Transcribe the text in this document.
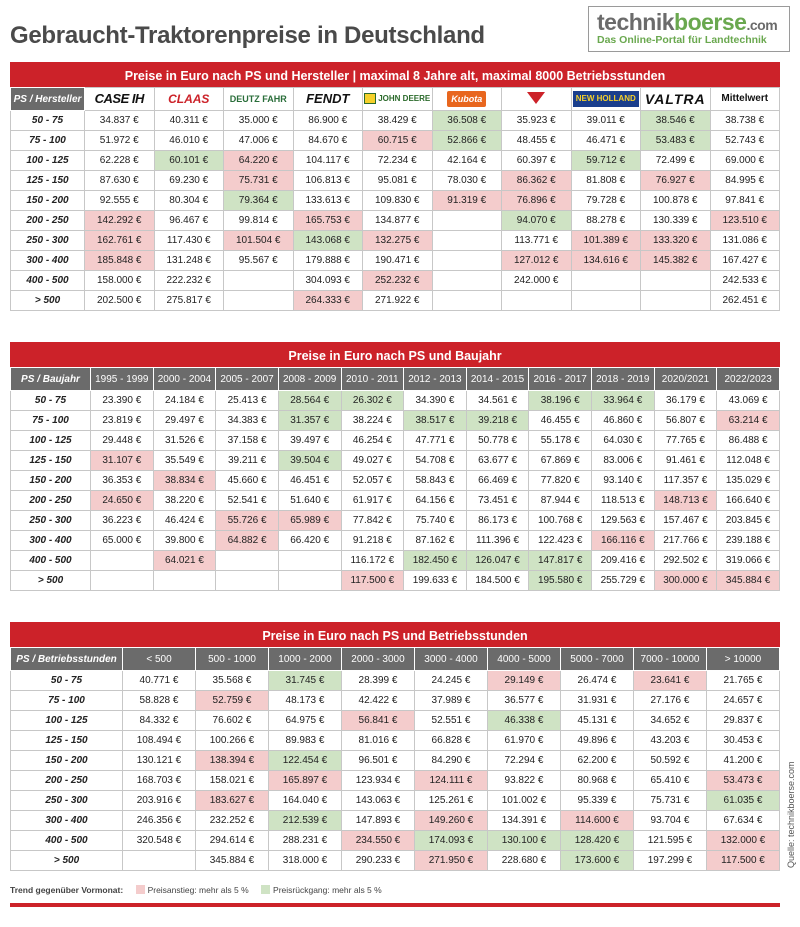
Gebraucht-Traktorenpreise in Deutschland	technikboerse.com
Das Online-Portal für Landtechnik
Preise in Euro nach PS und Hersteller | maximal 8 Jahre alt, maximal 8000 Betriebsstunden
PS / Hersteller	CASE IH	CLAAS	DEUTZ FAHR	FENDT	JOHN DEERE	Kubota		NEW HOLLAND	VALTRA	Mittelwert
50 - 75	34.837 €	40.311 €	35.000 €	86.900 €	38.429 €	36.508 €	35.923 €	39.011 €	38.546 €	38.738 €
75 - 100	51.972 €	46.010 €	47.006 €	84.670 €	60.715 €	52.866 €	48.455 €	46.471 €	53.483 €	52.743 €
100 - 125	62.228 €	60.101 €	64.220 €	104.117 €	72.234 €	42.164 €	60.397 €	59.712 €	72.499 €	69.000 €
125 - 150	87.630 €	69.230 €	75.731 €	106.813 €	95.081 €	78.030 €	86.362 €	81.808 €	76.927 €	84.995 €
150 - 200	92.555 €	80.304 €	79.364 €	133.613 €	109.830 €	91.319 €	76.896 €	79.728 €	100.878 €	97.841 €
200 - 250	142.292 €	96.467 €	99.814 €	165.753 €	134.877 €		94.070 €	88.278 €	130.339 €	123.510 €
250 - 300	162.761 €	117.430 €	101.504 €	143.068 €	132.275 €		113.771 €	101.389 €	133.320 €	131.086 €
300 - 400	185.848 €	131.248 €	95.567 €	179.888 €	190.471 €		127.012 €	134.616 €	145.382 €	167.427 €
400 - 500	158.000 €	222.232 €		304.093 €	252.232 €		242.000 €			242.533 €
> 500	202.500 €	275.817 €		264.333 €	271.922 €					262.451 €
Preise in Euro nach PS und Baujahr
PS / Baujahr	1995 - 1999	2000 - 2004	2005 - 2007	2008 - 2009	2010 - 2011	2012 - 2013	2014 - 2015	2016 - 2017	2018 - 2019	2020/2021	2022/2023
50 - 75	23.390 €	24.184 €	25.413 €	28.564 €	26.302 €	34.390 €	34.561 €	38.196 €	33.964 €	36.179 €	43.069 €
75 - 100	23.819 €	29.497 €	34.383 €	31.357 €	38.224 €	38.517 €	39.218 €	46.455 €	46.860 €	56.807 €	63.214 €
100 - 125	29.448 €	31.526 €	37.158 €	39.497 €	46.254 €	47.771 €	50.778 €	55.178 €	64.030 €	77.765 €	86.488 €
125 - 150	31.107 €	35.549 €	39.211 €	39.504 €	49.027 €	54.708 €	63.677 €	67.869 €	83.006 €	91.461 €	112.048 €
150 - 200	36.353 €	38.834 €	45.660 €	46.451 €	52.057 €	58.843 €	66.469 €	77.820 €	93.140 €	117.357 €	135.029 €
200 - 250	24.650 €	38.220 €	52.541 €	51.640 €	61.917 €	64.156 €	73.451 €	87.944 €	118.513 €	148.713 €	166.640 €
250 - 300	36.223 €	46.424 €	55.726 €	65.989 €	77.842 €	75.740 €	86.173 €	100.768 €	129.563 €	157.467 €	203.845 €
300 - 400	65.000 €	39.800 €	64.882 €	66.420 €	91.218 €	87.162 €	111.396 €	122.423 €	166.116 €	217.766 €	239.188 €
400 - 500		64.021 €			116.172 €	182.450 €	126.047 €	147.817 €	209.416 €	292.502 €	319.066 €
> 500					117.500 €	199.633 €	184.500 €	195.580 €	255.729 €	300.000 €	345.884 €
Preise in Euro nach PS und Betriebsstunden
PS / Betriebsstunden	< 500	500 - 1000	1000 - 2000	2000 - 3000	3000 - 4000	4000 - 5000	5000 - 7000	7000 - 10000	> 10000
50 - 75	40.771 €	35.568 €	31.745 €	28.399 €	24.245 €	29.149 €	26.474 €	23.641 €	21.765 €
75 - 100	58.828 €	52.759 €	48.173 €	42.422 €	37.989 €	36.577 €	31.931 €	27.176 €	24.657 €
100 - 125	84.332 €	76.602 €	64.975 €	56.841 €	52.551 €	46.338 €	45.131 €	34.652 €	29.837 €
125 - 150	108.494 €	100.266 €	89.983 €	81.016 €	66.828 €	61.970 €	49.896 €	43.203 €	30.453 €
150 - 200	130.121 €	138.394 €	122.454 €	96.501 €	84.290 €	72.294 €	62.200 €	50.592 €	41.200 €
200 - 250	168.703 €	158.021 €	165.897 €	123.934 €	124.111 €	93.822 €	80.968 €	65.410 €	53.473 €
250 - 300	203.916 €	183.627 €	164.040 €	143.063 €	125.261 €	101.002 €	95.339 €	75.731 €	61.035 €
300 - 400	246.356 €	232.252 €	212.539 €	147.893 €	149.260 €	134.391 €	114.600 €	93.704 €	67.634 €
400 - 500	320.548 €	294.614 €	288.231 €	234.550 €	174.093 €	130.100 €	128.420 €	121.595 €	132.000 €
> 500		345.884 €	318.000 €	290.233 €	271.950 €	228.680 €	173.600 €	197.299 €	117.500 €
Trend gegenüber Vormonat:	Preisanstieg: mehr als 5 %	Preisrückgang: mehr als 5 %
Quelle: technikboerse.com
